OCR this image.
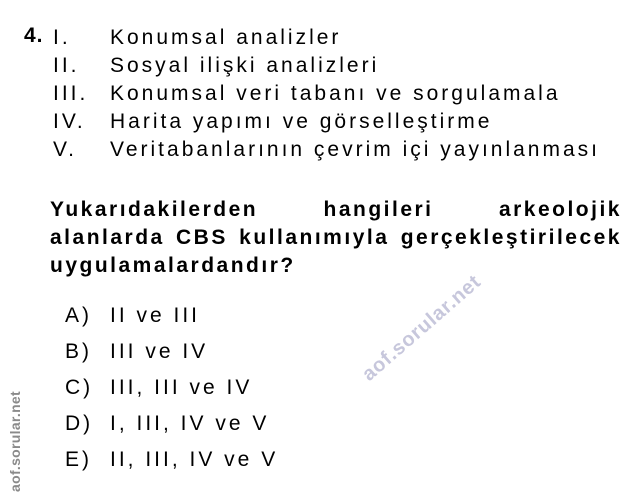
aof.sorular.net
aof.sorular.net
4. I.	Konumsal analizler
II.	Sosyal ilişki analizleri
III.	Konumsal veri tabanı ve sorgulamala
IV.	Harita yapımı ve görselleştirme
V.	Veritabanlarının çevrim içi yayınlanması
Yukarıdakilerden hangileri arkeolojik
alanlarda CBS kullanımıyla gerçekleştirilecek
uygulamalardandır?
A) II ve III
B) III ve IV
C) III, III ve IV
D) I, III, IV ve V
E) II, III, IV ve V
